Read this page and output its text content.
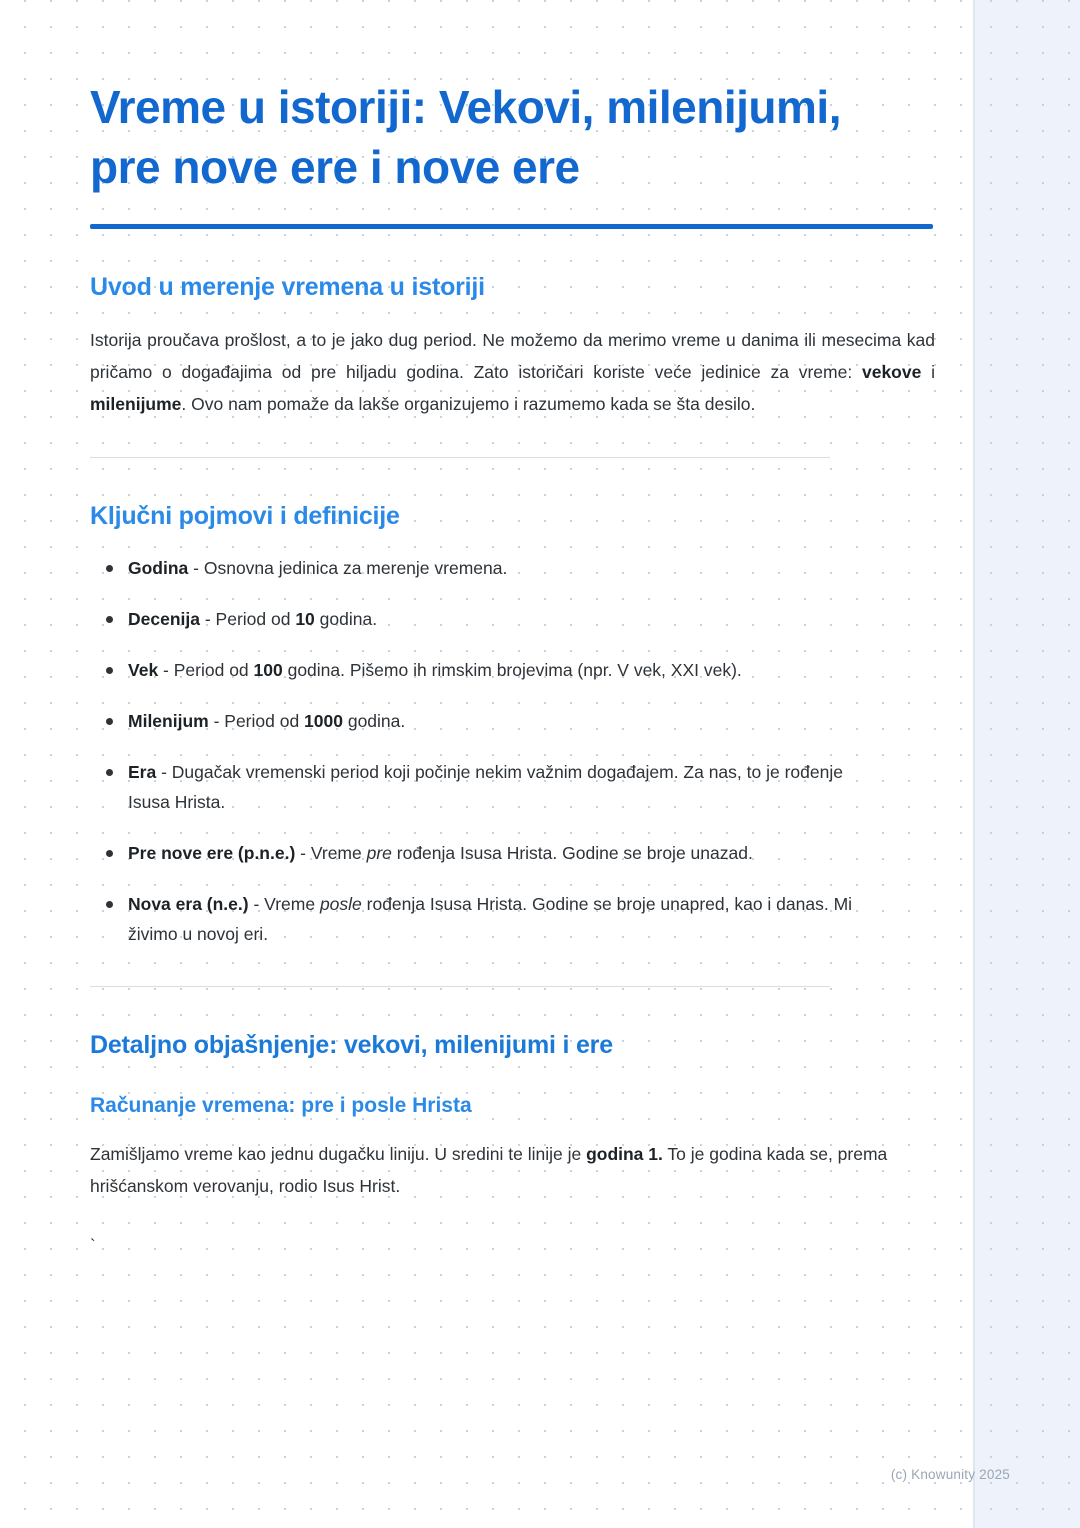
Vreme u istoriji: Vekovi, milenijumi, pre nove ere i nove ere
Uvod u merenje vremena u istoriji

Istorija proučava prošlost, a to je jako dug period. Ne možemo da merimo vreme u danima ili mesecima kad pričamo o događajima od pre hiljadu godina. Zato istoričari koriste veće jedinice za vreme: vekove i milenijume. Ovo nam pomaže da lakše organizujemo i razumemo kada se šta desilo.

Ključni pojmovi i definicije
Godina - Osnovna jedinica za merenje vremena.
Decenija - Period od 10 godina.
Vek - Period od 100 godina. Pišemo ih rimskim brojevima (npr. V vek, XXI vek).
Milenijum - Period od 1000 godina.
Era - Dugačak vremenski period koji počinje nekim važnim događajem. Za nas, to je rođenje Isusa Hrista.
Pre nove ere (p.n.e.) - Vreme pre rođenja Isusa Hrista. Godine se broje unazad.
Nova era (n.e.) - Vreme posle rođenja Isusa Hrista. Godine se broje unapred, kao i danas. Mi živimo u novoj eri.
Detaljno objašnjenje: vekovi, milenijumi i ere
Računanje vremena: pre i posle Hrista

Zamišljamo vreme kao jednu dugačku liniju. U sredini te linije je godina 1. To je godina kada se, prema hrišćanskom verovanju, rodio Isus Hrist.

`
(c) Knowunity 2025
